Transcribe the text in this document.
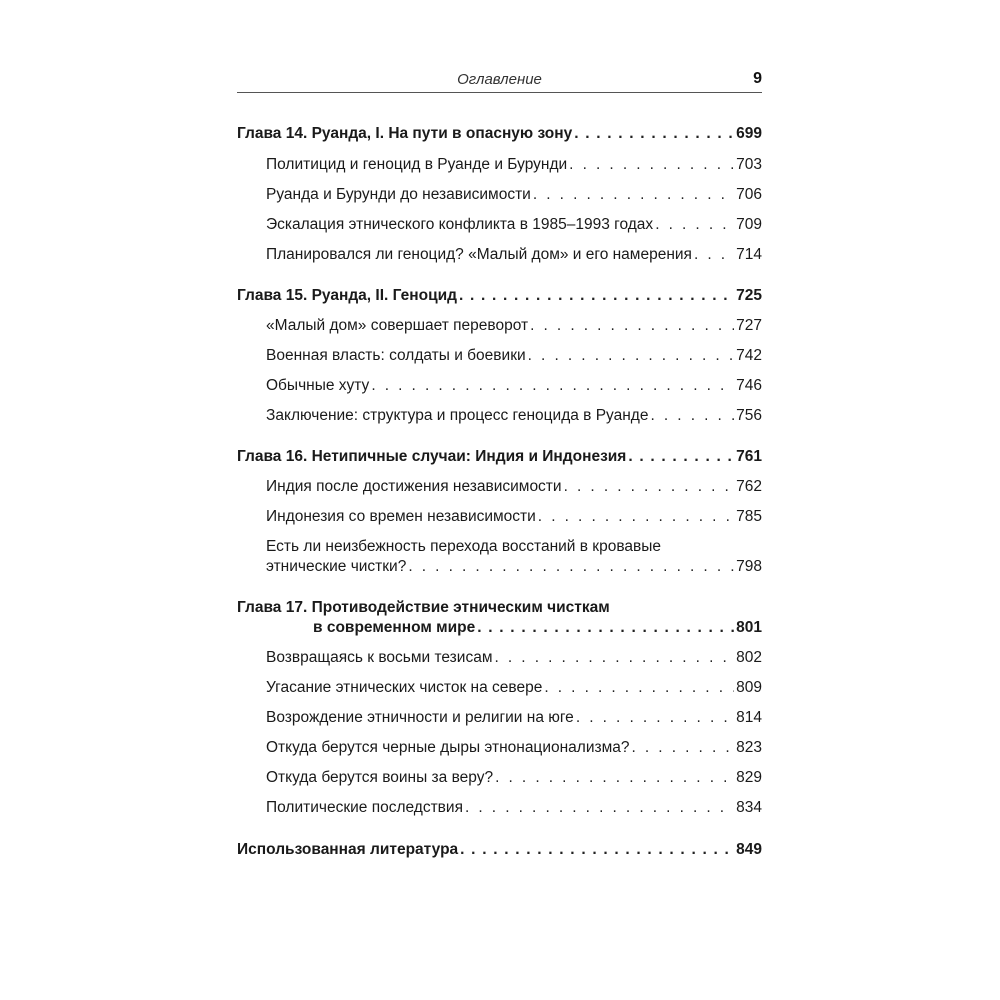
Оглавление	9
Глава 14. Руанда, I. На пути в опасную зону . . .	699
Политицид и геноцид в Руанде и Бурунди . . .	703
Руанда и Бурунди до независимости . . .	706
Эскалация этнического конфликта в 1985–1993 годах . . .	709
Планировался ли геноцид? «Малый дом» и его намерения . . .	714
Глава 15. Руанда, II. Геноцид . . .	725
«Малый дом» совершает переворот . . .	727
Военная власть: солдаты и боевики . . .	742
Обычные хуту . . .	746
Заключение: структура и процесс геноцида в Руанде . . .	756
Глава 16. Нетипичные случаи: Индия и Индонезия . . .	761
Индия после достижения независимости . . .	762
Индонезия со времен независимости . . .	785
Есть ли неизбежность перехода восстаний в кровавые
этнические чистки? . . .	798
Глава 17. Противодействие этническим чисткам
в современном мире . . .	801
Возвращаясь к восьми тезисам . . .	802
Угасание этнических чисток на севере . . .	809
Возрождение этничности и религии на юге . . .	814
Откуда берутся черные дыры этнонационализма? . . .	823
Откуда берутся воины за веру? . . .	829
Политические последствия . . .	834
Использованная литература . . .	849
